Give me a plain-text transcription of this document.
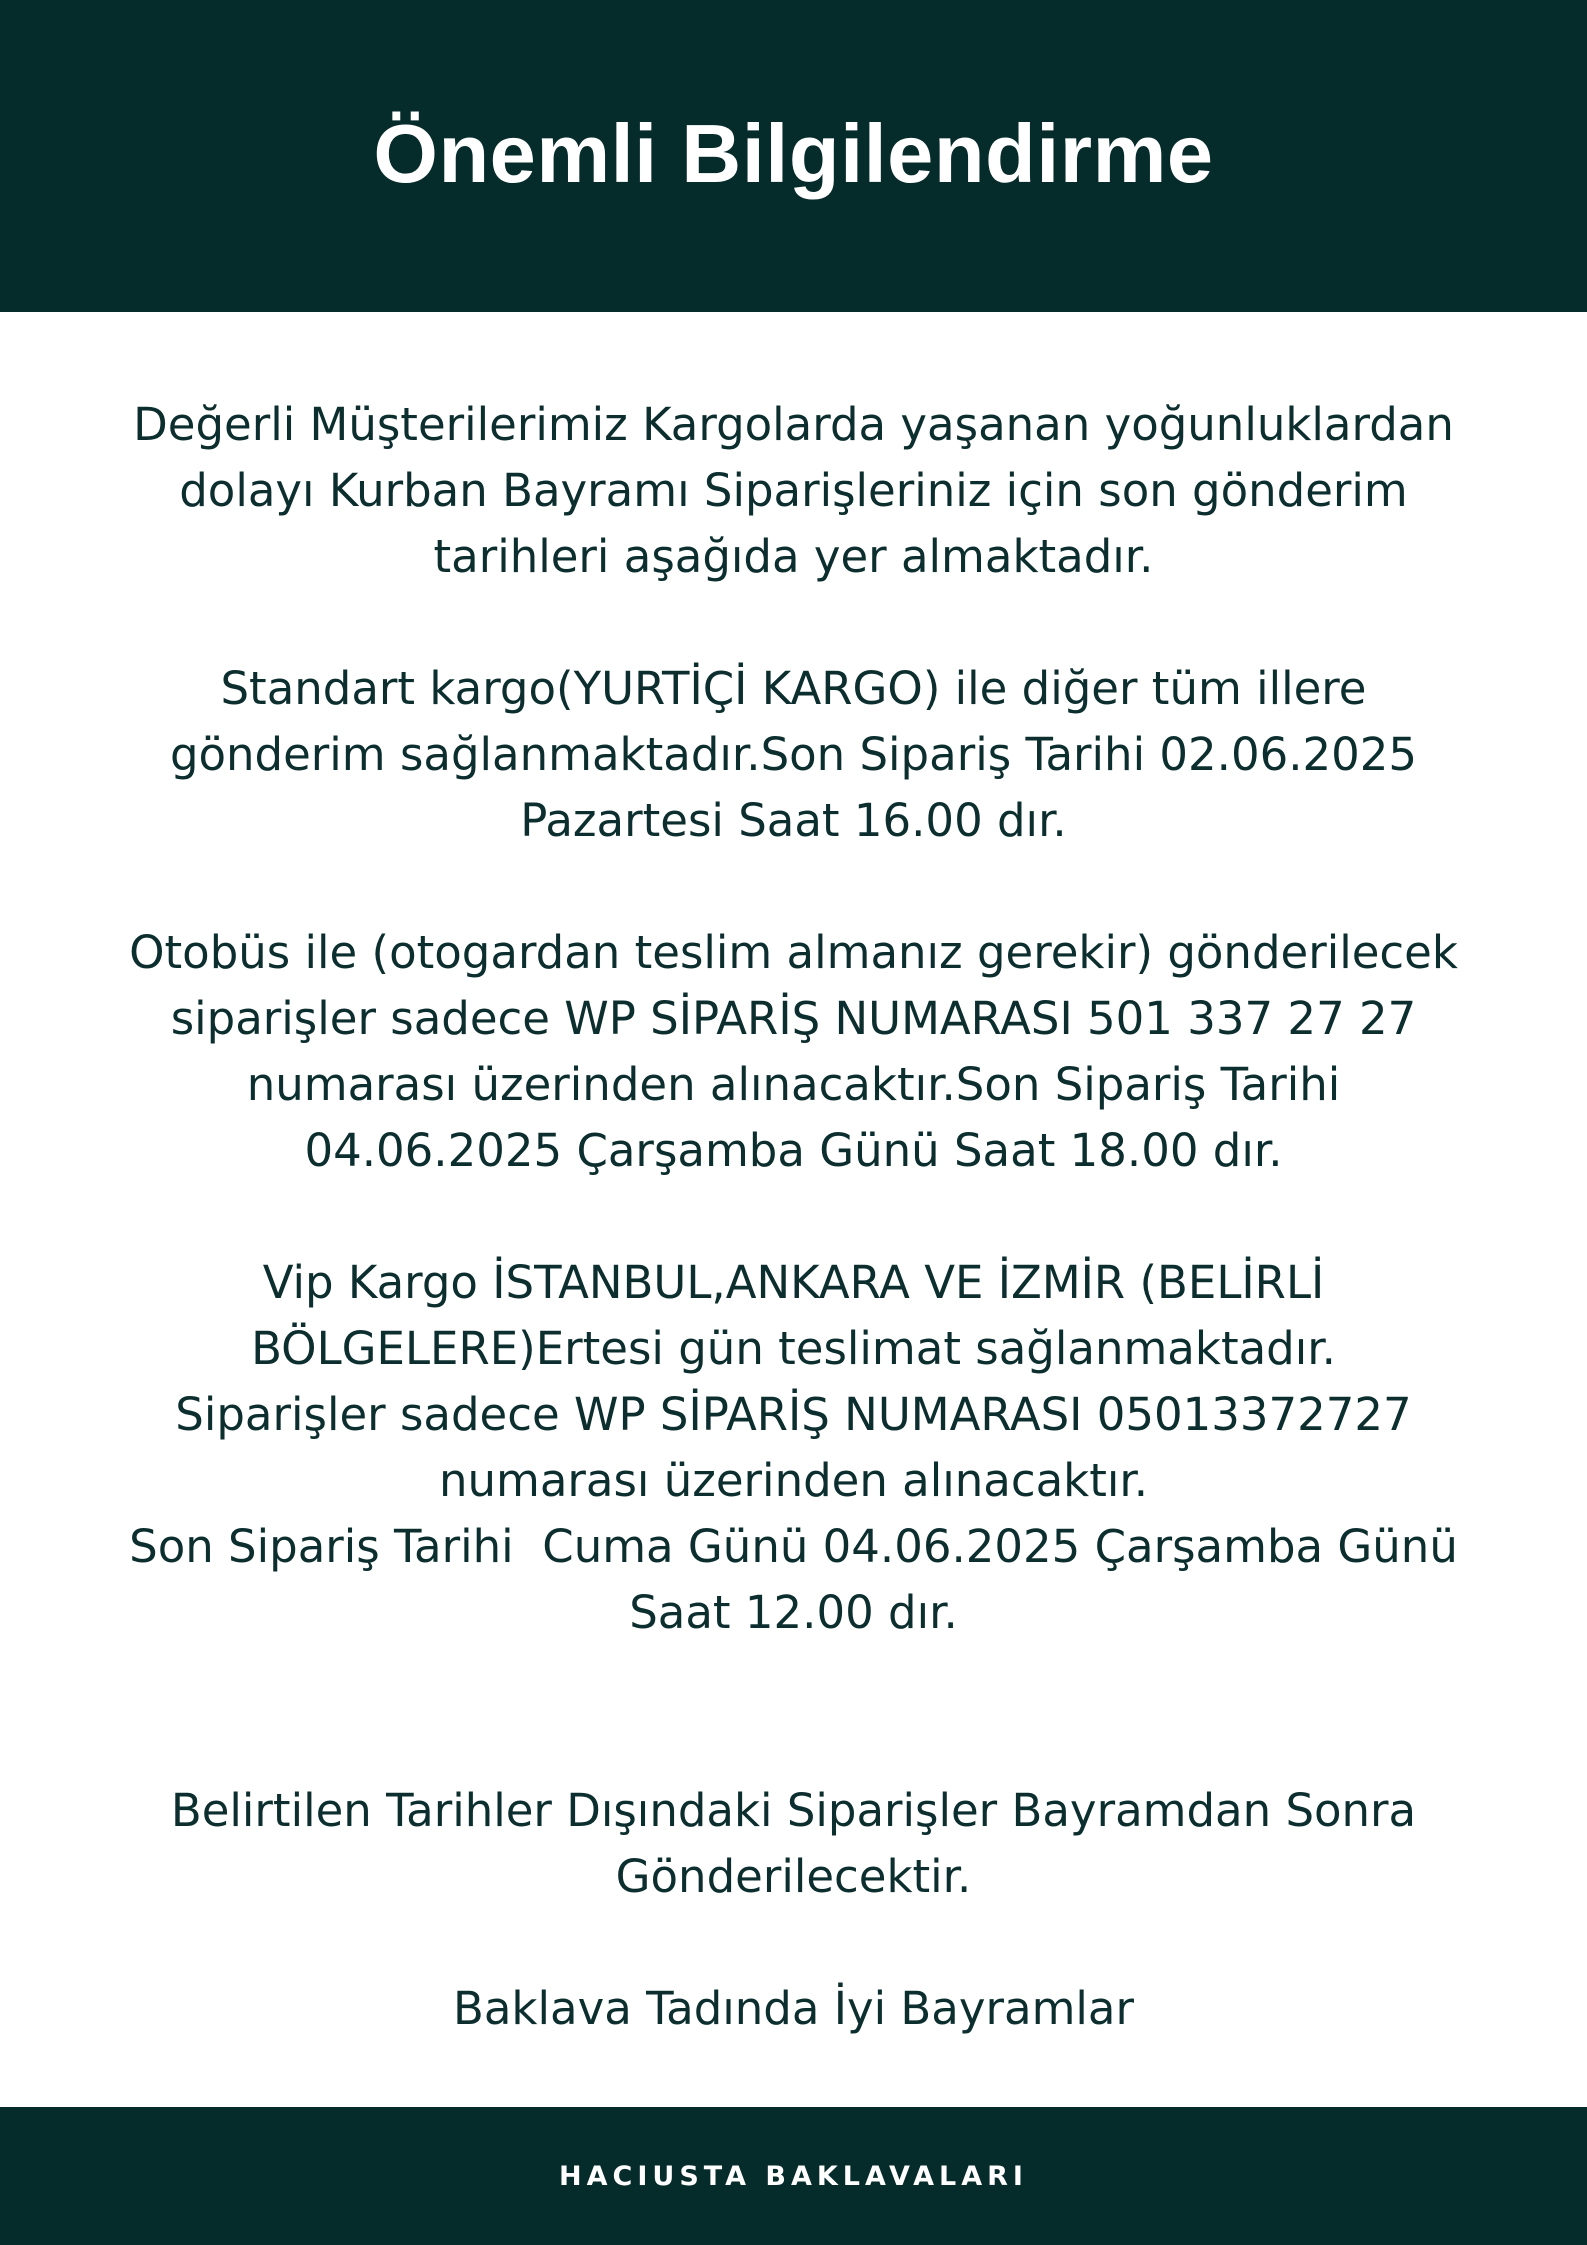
Önemli Bilgilendirme

Değerli Müşterilerimiz Kargolarda yaşanan yoğunluklardan

dolayı Kurban Bayramı Siparişleriniz için son gönderim

tarihleri aşağıda yer almaktadır.

Standart kargo(YURTİÇİ KARGO) ile diğer tüm illere

gönderim sağlanmaktadır.Son Sipariş Tarihi 02.06.2025

Pazartesi Saat 16.00 dır.

Otobüs ile (otogardan teslim almanız gerekir) gönderilecek

siparişler sadece WP SİPARİŞ NUMARASI 501 337 27 27

numarası üzerinden alınacaktır.Son Sipariş Tarihi

04.06.2025 Çarşamba Günü Saat 18.00 dır.

Vip Kargo İSTANBUL,ANKARA VE İZMİR (BELİRLİ

BÖLGELERE)Ertesi gün teslimat sağlanmaktadır.

Siparişler sadece WP SİPARİŞ NUMARASI 05013372727

numarası üzerinden alınacaktır.

Son Sipariş Tarihi  Cuma Günü 04.06.2025 Çarşamba Günü

Saat 12.00 dır.

Belirtilen Tarihler Dışındaki Siparişler Bayramdan Sonra

Gönderilecektir.

Baklava Tadında İyi Bayramlar

HACIUSTA BAKLAVALARI
